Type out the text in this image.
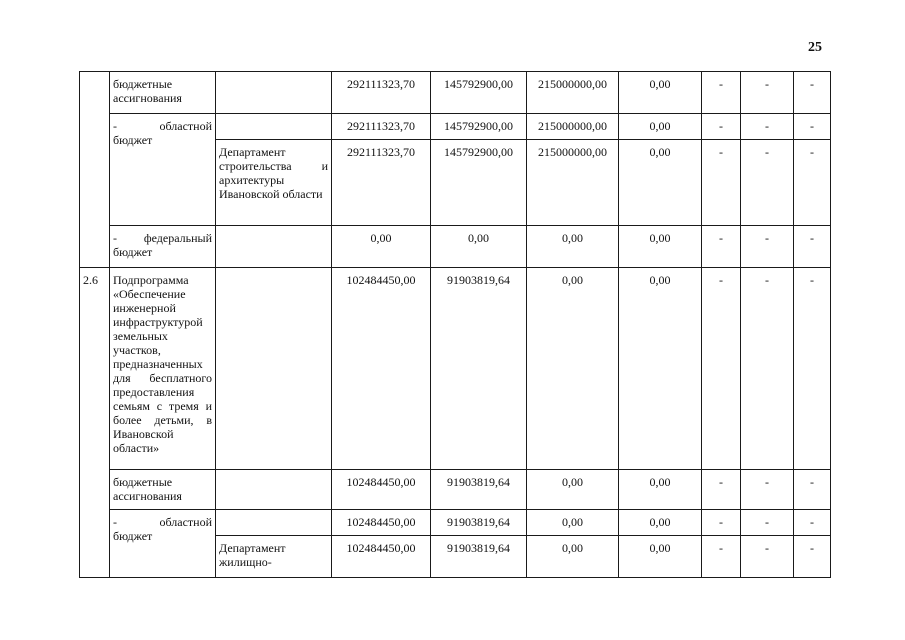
25
	бюджетные ассигнования		292111323,70	145792900,00	215000000,00	0,00	-	-	-

	- областной
бюджет		292111323,70	145792900,00	215000000,00	0,00	-	-	-

		Департамент
строительства и
архитектуры Ивановской области	292111323,70	145792900,00	215000000,00	0,00	-	-	-

	- федеральный
бюджет		0,00	0,00	0,00	0,00	-	-	-
2.6	Подпрограмма «Обеспечение инженерной инфраструктурой земельных участков, предназначенных для бесплатного предоставления семьям с тремя и более детьми, в Ивановской области»		102484450,00	91903819,64	0,00	0,00	-	-	-
	бюджетные ассигнования		102484450,00	91903819,64	0,00	0,00	-	-	-

	- областной
бюджет		102484450,00	91903819,64	0,00	0,00	-	-	-
		Департамент жилищно-	102484450,00	91903819,64	0,00	0,00	-	-	-
